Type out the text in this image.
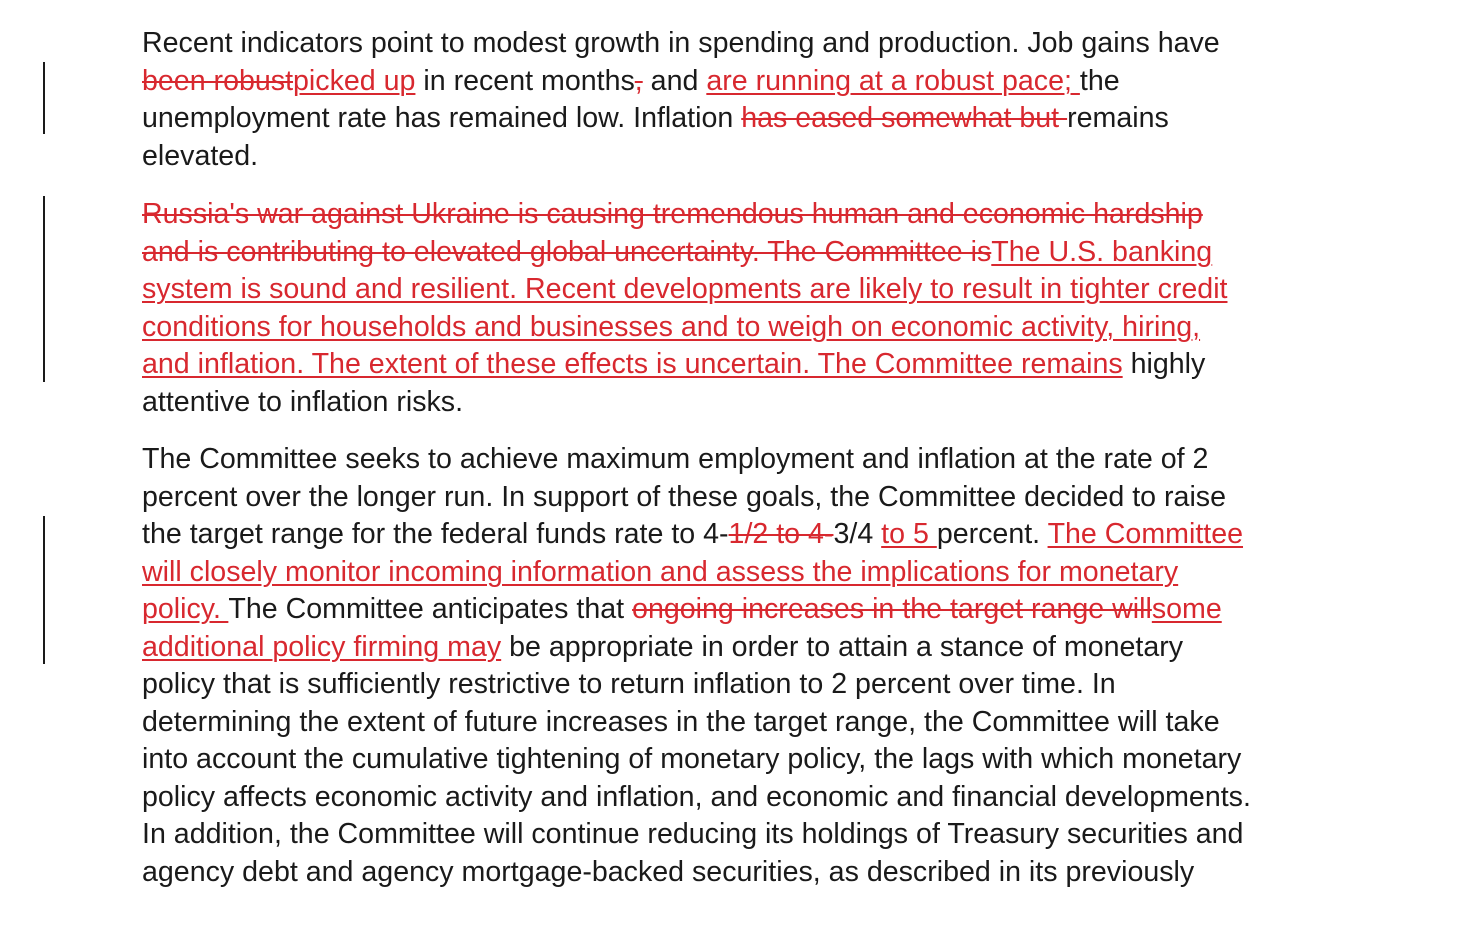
Recent indicators point to modest growth in spending and production. Job gains have
been robustpicked up in recent months, and are running at a robust pace; the
unemployment rate has remained low. Inflation has eased somewhat but remains
elevated.
Russia's war against Ukraine is causing tremendous human and economic hardship
and is contributing to elevated global uncertainty. The Committee isThe U.S. banking
system is sound and resilient. Recent developments are likely to result in tighter credit
conditions for households and businesses and to weigh on economic activity, hiring,
and inflation. The extent of these effects is uncertain. The Committee remains highly
attentive to inflation risks.
The Committee seeks to achieve maximum employment and inflation at the rate of 2
percent over the longer run. In support of these goals, the Committee decided to raise
the target range for the federal funds rate to 4-1/2 to 4-3/4 to 5 percent. The Committee
will closely monitor incoming information and assess the implications for monetary
policy. The Committee anticipates that ongoing increases in the target range willsome
additional policy firming may be appropriate in order to attain a stance of monetary
policy that is sufficiently restrictive to return inflation to 2 percent over time. In
determining the extent of future increases in the target range, the Committee will take
into account the cumulative tightening of monetary policy, the lags with which monetary
policy affects economic activity and inflation, and economic and financial developments.
In addition, the Committee will continue reducing its holdings of Treasury securities and
agency debt and agency mortgage-backed securities, as described in its previously
